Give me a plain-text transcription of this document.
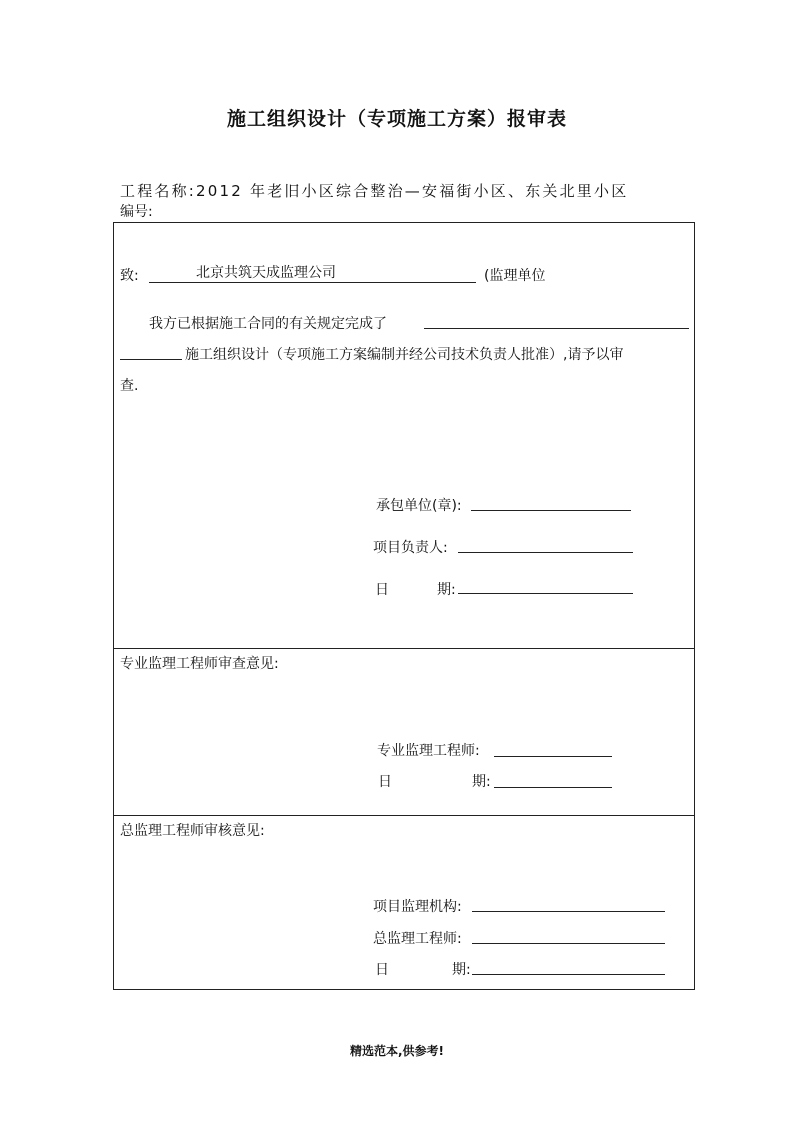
施工组织设计（专项施工方案）报审表
工程名称:2012 年老旧小区综合整治—安福街小区、东关北里小区
编号:
致:	北京共筑天成监理公司	(监理单位
我方已根据施工合同的有关规定完成了
施工组织设计（专项施工方案编制并经公司技术负责人批准）,请予以审
查.
承包单位(章):
项目负责人:
日	期:
专业监理工程师审查意见:
专业监理工程师:
日	期:
总监理工程师审核意见:
项目监理机构:
总监理工程师:
日	期:
精选范本,供参考!
